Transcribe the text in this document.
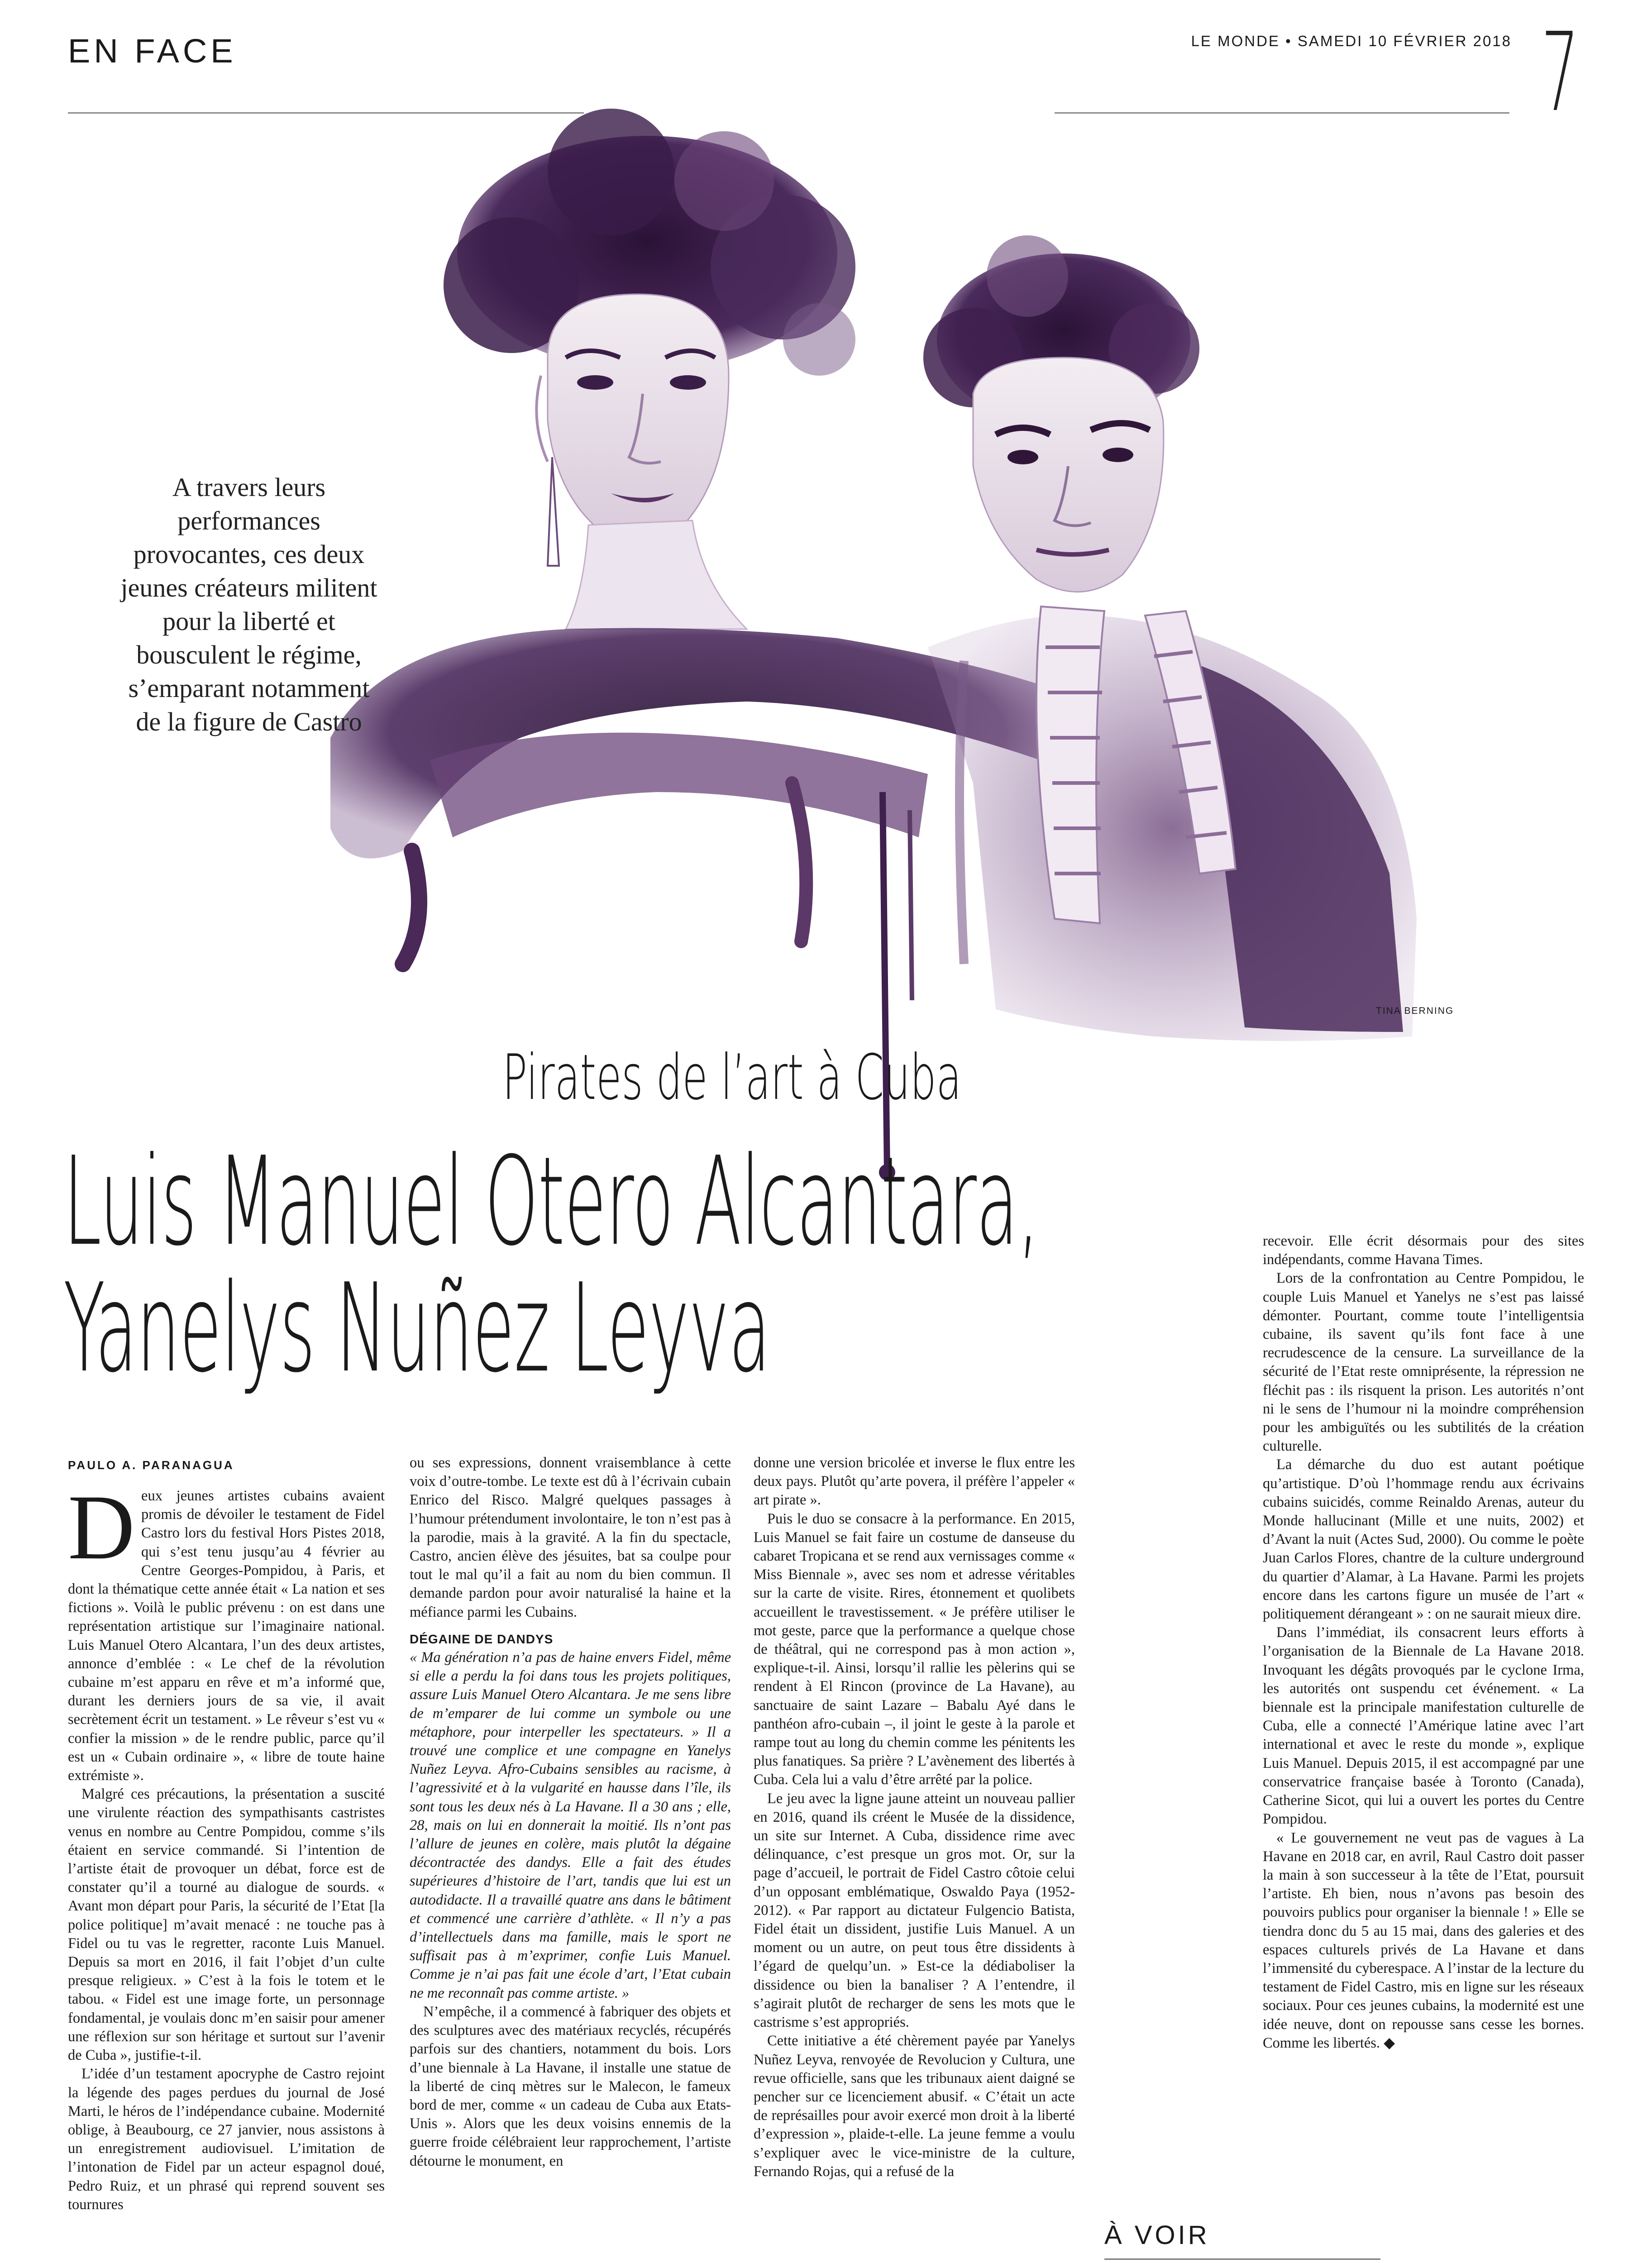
EN FACE	LE MONDE • SAMEDI 10 FÉVRIER 2018 7
A travers leurs performances provocantes, ces deux jeunes créateurs militent pour la liberté et bousculent le régime, s’emparant notamment de la figure de Castro
TINA BERNING
Pirates de l’art à Cuba
Luis Manuel Otero Alcantara,
Yanelys Nuñez Leyva
PAULO A. PARANAGUA

Deux jeunes artistes cubains avaient promis de dévoiler le testament de Fidel Castro lors du festival Hors Pistes 2018, qui s’est tenu jusqu’au 4 février au Centre Georges-Pompidou, à Paris, et dont la thématique cette année était « La nation et ses fictions ». Voilà le public prévenu : on est dans une représentation artistique sur l’imaginaire national. Luis Manuel Otero Alcantara, l’un des deux artistes, annonce d’emblée : « Le chef de la révolution cubaine m’est apparu en rêve et m’a informé que, durant les derniers jours de sa vie, il avait secrètement écrit un testament. » Le rêveur s’est vu « confier la mission » de le rendre public, parce qu’il est un « Cubain ordinaire », « libre de toute haine extrémiste ».

Malgré ces précautions, la présentation a suscité une virulente réaction des sympathisants castristes venus en nombre au Centre Pompidou, comme s’ils étaient en service commandé. Si l’intention de l’artiste était de provoquer un débat, force est de constater qu’il a tourné au dialogue de sourds. « Avant mon départ pour Paris, la sécurité de l’Etat [la police politique] m’avait menacé : ne touche pas à Fidel ou tu vas le regretter, raconte Luis Manuel. Depuis sa mort en 2016, il fait l’objet d’un culte presque religieux. » C’est à la fois le totem et le tabou. « Fidel est une image forte, un personnage fondamental, je voulais donc m’en saisir pour amener une réflexion sur son héritage et surtout sur l’avenir de Cuba », justifie-t-il.

L’idée d’un testament apocryphe de Castro rejoint la légende des pages perdues du journal de José Marti, le héros de l’indépendance cubaine. Modernité oblige, à Beaubourg, ce 27 janvier, nous assistons à un enregistrement audiovisuel. L’imitation de l’intonation de Fidel par un acteur espagnol doué, Pedro Ruiz, et un phrasé qui reprend souvent ses tournures

ou ses expressions, donnent vraisemblance à cette voix d’outre-tombe. Le texte est dû à l’écrivain cubain Enrico del Risco. Malgré quelques passages à l’humour prétendument involontaire, le ton n’est pas à la parodie, mais à la gravité. A la fin du spectacle, Castro, ancien élève des jésuites, bat sa coulpe pour tout le mal qu’il a fait au nom du bien commun. Il demande pardon pour avoir naturalisé la haine et la méfiance parmi les Cubains.

DÉGAINE DE DANDYS

« Ma génération n’a pas de haine envers Fidel, même si elle a perdu la foi dans tous les projets politiques, assure Luis Manuel Otero Alcantara. Je me sens libre de m’emparer de lui comme un symbole ou une métaphore, pour interpeller les spectateurs. » Il a trouvé une complice et une compagne en Yanelys Nuñez Leyva. Afro-Cubains sensibles au racisme, à l’agressivité et à la vulgarité en hausse dans l’île, ils sont tous les deux nés à La Havane. Il a 30 ans ; elle, 28, mais on lui en donnerait la moitié. Ils n’ont pas l’allure de jeunes en colère, mais plutôt la dégaine décontractée des dandys. Elle a fait des études supérieures d’histoire de l’art, tandis que lui est un autodidacte. Il a travaillé quatre ans dans le bâtiment et commencé une carrière d’athlète. « Il n’y a pas d’intellectuels dans ma famille, mais le sport ne suffisait pas à m’exprimer, confie Luis Manuel. Comme je n’ai pas fait une école d’art, l’Etat cubain ne me reconnaît pas comme artiste. »

N’empêche, il a commencé à fabriquer des objets et des sculptures avec des matériaux recyclés, récupérés parfois sur des chantiers, notamment du bois. Lors d’une biennale à La Havane, il installe une statue de la liberté de cinq mètres sur le Malecon, le fameux bord de mer, comme « un cadeau de Cuba aux Etats-Unis ». Alors que les deux voisins ennemis de la guerre froide célébraient leur rapprochement, l’artiste détourne le monument, en

donne une version bricolée et inverse le flux entre les deux pays. Plutôt qu’arte povera, il préfère l’appeler « art pirate ».

Puis le duo se consacre à la performance. En 2015, Luis Manuel se fait faire un costume de danseuse du cabaret Tropicana et se rend aux vernissages comme « Miss Biennale », avec ses nom et adresse véritables sur la carte de visite. Rires, étonnement et quolibets accueillent le travestissement. « Je préfère utiliser le mot geste, parce que la performance a quelque chose de théâtral, qui ne correspond pas à mon action », explique-t-il. Ainsi, lorsqu’il rallie les pèlerins qui se rendent à El Rincon (province de La Havane), au sanctuaire de saint Lazare – Babalu Ayé dans le panthéon afro-cubain –, il joint le geste à la parole et rampe tout au long du chemin comme les pénitents les plus fanatiques. Sa prière ? L’avènement des libertés à Cuba. Cela lui a valu d’être arrêté par la police.

Le jeu avec la ligne jaune atteint un nouveau pallier en 2016, quand ils créent le Musée de la dissidence, un site sur Internet. A Cuba, dissidence rime avec délinquance, c’est presque un gros mot. Or, sur la page d’accueil, le portrait de Fidel Castro côtoie celui d’un opposant emblématique, Oswaldo Paya (1952-2012). « Par rapport au dictateur Fulgencio Batista, Fidel était un dissident, justifie Luis Manuel. A un moment ou un autre, on peut tous être dissidents à l’égard de quelqu’un. » Est-ce la dédiaboliser la dissidence ou bien la banaliser ? A l’entendre, il s’agirait plutôt de recharger de sens les mots que le castrisme s’est appropriés.

Cette initiative a été chèrement payée par Yanelys Nuñez Leyva, renvoyée de Revolucion y Cultura, une revue officielle, sans que les tribunaux aient daigné se pencher sur ce licenciement abusif. « C’était un acte de représailles pour avoir exercé mon droit à la liberté d’expression », plaide-t-elle. La jeune femme a voulu s’expliquer avec le vice-ministre de la culture, Fernando Rojas, qui a refusé de la

recevoir. Elle écrit désormais pour des sites indépendants, comme Havana Times.

Lors de la confrontation au Centre Pompidou, le couple Luis Manuel et Yanelys ne s’est pas laissé démonter. Pourtant, comme toute l’intelligentsia cubaine, ils savent qu’ils font face à une recrudescence de la censure. La surveillance de la sécurité de l’Etat reste omniprésente, la répression ne fléchit pas : ils risquent la prison. Les autorités n’ont ni le sens de l’humour ni la moindre compréhension pour les ambiguïtés ou les subtilités de la création culturelle.

La démarche du duo est autant poétique qu’artistique. D’où l’hommage rendu aux écrivains cubains suicidés, comme Reinaldo Arenas, auteur du Monde hallucinant (Mille et une nuits, 2002) et d’Avant la nuit (Actes Sud, 2000). Ou comme le poète Juan Carlos Flores, chantre de la culture underground du quartier d’Alamar, à La Havane. Parmi les projets encore dans les cartons figure un musée de l’art « politiquement dérangeant » : on ne saurait mieux dire.

Dans l’immédiat, ils consacrent leurs efforts à l’organisation de la Biennale de La Havane 2018. Invoquant les dégâts provoqués par le cyclone Irma, les autorités ont suspendu cet événement. « La biennale est la principale manifestation culturelle de Cuba, elle a connecté l’Amérique latine avec l’art international et avec le reste du monde », explique Luis Manuel. Depuis 2015, il est accompagné par une conservatrice française basée à Toronto (Canada), Catherine Sicot, qui lui a ouvert les portes du Centre Pompidou.

« Le gouvernement ne veut pas de vagues à La Havane en 2018 car, en avril, Raul Castro doit passer la main à son successeur à la tête de l’Etat, poursuit l’artiste. Eh bien, nous n’avons pas besoin des pouvoirs publics pour organiser la biennale ! » Elle se tiendra donc du 5 au 15 mai, dans des galeries et des espaces culturels privés de La Havane et dans l’immensité du cyberespace. A l’instar de la lecture du testament de Fidel Castro, mis en ligne sur les réseaux sociaux. Pour ces jeunes cubains, la modernité est une idée neuve, dont on repousse sans cesse les bornes. Comme les libertés. ◆

À VOIR
